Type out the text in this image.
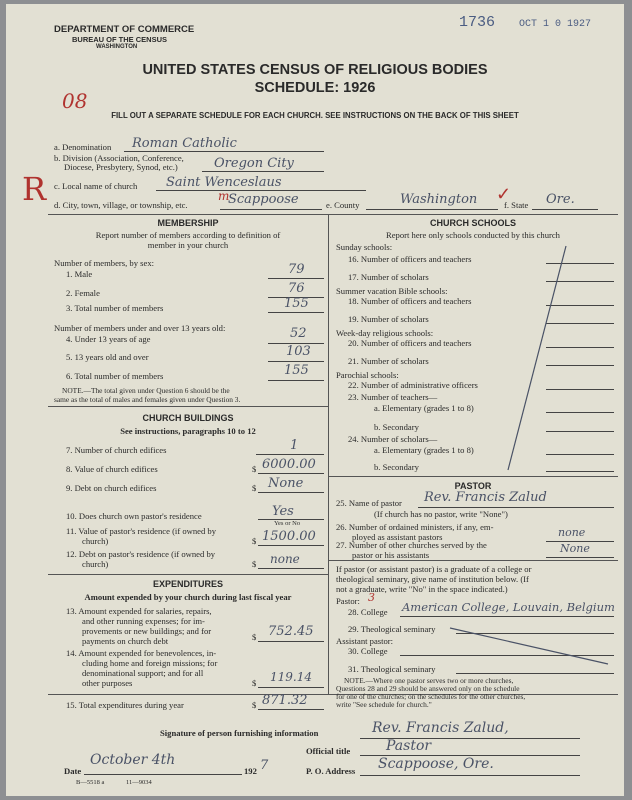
DEPARTMENT OF COMMERCE
BUREAU OF THE CENSUS
WASHINGTON
1736 OCT 1 0 1927
UNITED STATES CENSUS OF RELIGIOUS BODIES
SCHEDULE: 1926
08
FILL OUT A SEPARATE SCHEDULE FOR EACH CHURCH. SEE INSTRUCTIONS ON THE BACK OF THIS SHEET
R
a. Denomination Roman Catholic
b. Division (Association, Conference,
Diocese, Presbytery, Synod, etc.)	Oregon City
c. Local name of church Saint Wenceslaus
d. City, town, village, or township, etc.
m
Scappoose	e. County	Washington ✓
f. State Ore.
MEMBERSHIP
Report number of members according to definition of
member in your church
Number of members, by sex:
1. Male	79
2. Female	76
3. Total number of members	155
Number of members under and over 13 years old:
4. Under 13 years of age	52
5. 13 years old and over	103
6. Total number of members	155
NOTE.—The total given under Question 6 should be the
same as the total of males and females given under Question 3.
CHURCH BUILDINGS
See instructions, paragraphs 10 to 12
7. Number of church edifices	1
8. Value of church edifices	$ 6000.00
9. Debt on church edifices	$ None
10. Does church own pastor's residence	Yes
Yes or No
11. Value of pastor's residence (if owned by
church)	$ 1500.00
12. Debt on pastor's residence (if owned by
church)	$ none
EXPENDITURES
Amount expended by your church during last fiscal year
13. Amount expended for salaries, repairs,
and other running expenses; for im-
provements or new buildings; and for
payments on church debt	$ 752.45
14. Amount expended for benevolences, in-
cluding home and foreign missions; for
denominational support; and for all
other purposes	$ 119.14
15. Total expenditures during year	$ 871.32
CHURCH SCHOOLS
Report here only schools conducted by this church
Sunday schools:
16. Number of officers and teachers
17. Number of scholars
Summer vacation Bible schools:
18. Number of officers and teachers
19. Number of scholars
Week-day religious schools:
20. Number of officers and teachers
21. Number of scholars
Parochial schools:
22. Number of administrative officers
23. Number of teachers—
a. Elementary (grades 1 to 8)
b. Secondary
24. Number of scholars—
a. Elementary (grades 1 to 8)
b. Secondary
PASTOR
25. Name of pastor Rev. Francis Zalud
(If church has no pastor, write "None")
26. Number of ordained ministers, if any, em-
ployed as assistant pastors	none
27. Number of other churches served by the
pastor or his assistants	None
If pastor (or assistant pastor) is a graduate of a college or
theological seminary, give name of institution below. (If
not a graduate, write "No" in the space indicated.)
Pastor: 3
28. College American College, Louvain, Belgium
29. Theological seminary
Assistant pastor:
30. College
31. Theological seminary
NOTE.—Where one pastor serves two or more churches,
Questions 28 and 29 should be answered only on the schedule
for one of the churches; on the schedules for the other churches,
write "See schedule for church."
Signature of person furnishing information	Rev. Francis Zalud,
Official title	Pastor
Date
October 4th
192 7	P. O. Address Scappoose, Ore.
B—5518 a	11—9034
